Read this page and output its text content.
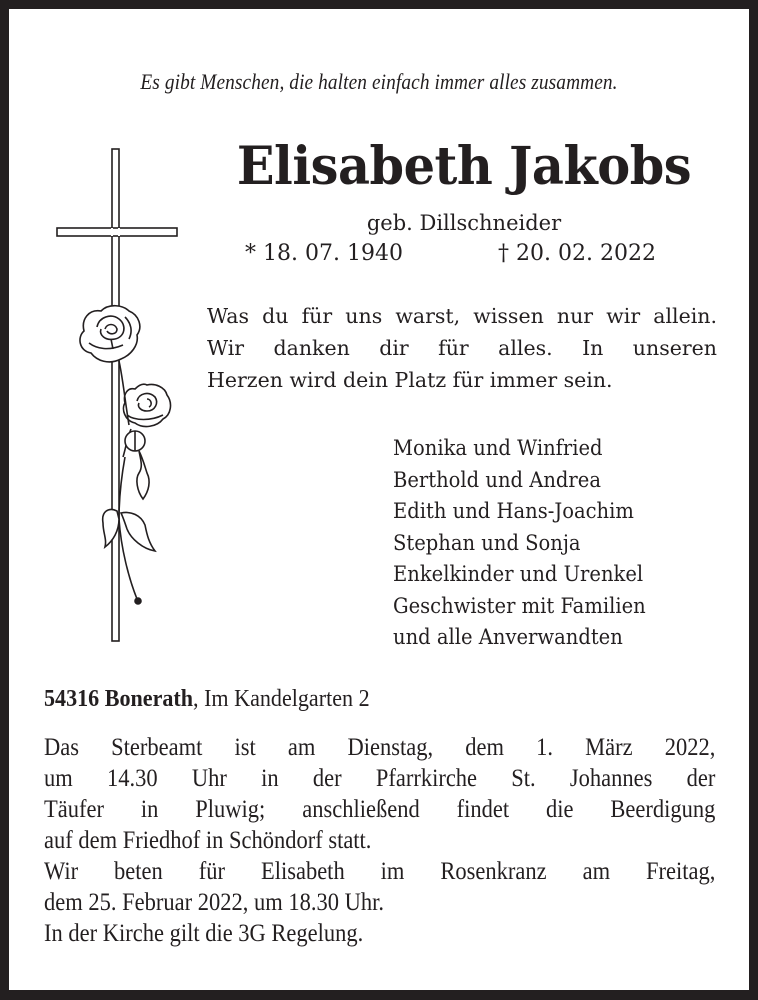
Es gibt Menschen, die halten einfach immer alles zusammen.
Elisabeth Jakobs
geb. Dillschneider
* 18. 07. 1940	† 20. 02. 2022
Was du für uns warst, wissen nur wir allein.
Wir danken dir für alles. In unseren
Herzen wird dein Platz für immer sein.
Monika und Winfried
Berthold und Andrea
Edith und Hans-Joachim
Stephan und Sonja
Enkelkinder und Urenkel
Geschwister mit Familien
und alle Anverwandten
54316 Bonerath, Im Kandelgarten 2
Das Sterbeamt ist am Dienstag, dem 1. März 2022,
um 14.30 Uhr in der Pfarrkirche St. Johannes der
Täufer in Pluwig; anschließend findet die Beerdigung
auf dem Friedhof in Schöndorf statt.
Wir beten für Elisabeth im Rosenkranz am Freitag,
dem 25. Februar 2022, um 18.30 Uhr.
In der Kirche gilt die 3G Regelung.
